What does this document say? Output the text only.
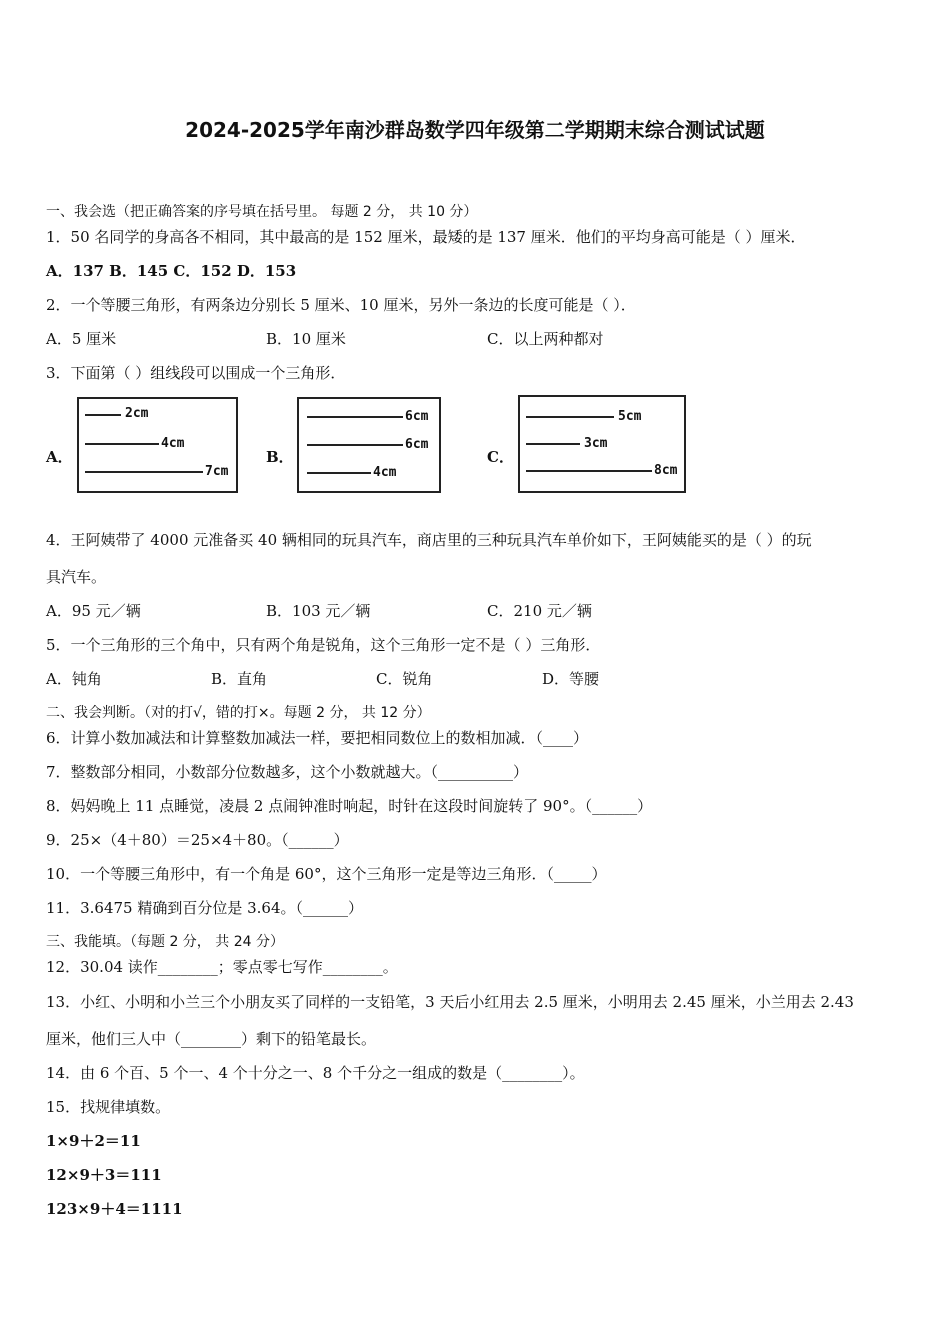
2024-2025学年南沙群岛数学四年级第二学期期末综合测试试题
一、我会选（把正确答案的序号填在括号里。 每题 2 分， 共 10 分）
1．50 名同学的身高各不相同，其中最高的是 152 厘米，最矮的是 137 厘米．他们的平均身高可能是（ ）厘米．
A．137 B．145 C．152 D．153
2．一个等腰三角形，有两条边分别长 5 厘米、10 厘米，另外一条边的长度可能是（ ）．
A．5 厘米	B．10 厘米	C．以上两种都对
3．下面第（ ）组线段可以围成一个三角形．
A．
2cm
4cm
7cm
B．
6cm
6cm
4cm
C．
5cm
3cm
8cm
4．王阿姨带了 4000 元准备买 40 辆相同的玩具汽车，商店里的三种玩具汽车单价如下，王阿姨能买的是（ ）的玩
具汽车。
A．95 元／辆	B．103 元／辆	C．210 元／辆
5．一个三角形的三个角中，只有两个角是锐角，这个三角形一定不是（ ）三角形．
A．钝角	B．直角	C．锐角	D．等腰
二、我会判断。（对的打√，错的打×。每题 2 分， 共 12 分）
6．计算小数加减法和计算整数加减法一样，要把相同数位上的数相加减．（____）
7．整数部分相同，小数部分位数越多，这个小数就越大。（__________）
8．妈妈晚上 11 点睡觉，凌晨 2 点闹钟准时响起，时针在这段时间旋转了 90°。（______）
9．25×（4＋80）＝25×4＋80。（______）
10．一个等腰三角形中，有一个角是 60°，这个三角形一定是等边三角形．（_____）
11．3.6475 精确到百分位是 3.64。（______）
三、我能填。（每题 2 分， 共 24 分）
12．30.04 读作________；零点零七写作________。
13．小红、小明和小兰三个小朋友买了同样的一支铅笔，3 天后小红用去 2.5 厘米，小明用去 2.45 厘米，小兰用去 2.43
厘米，他们三人中（________）剩下的铅笔最长。
14．由 6 个百、5 个一、4 个十分之一、8 个千分之一组成的数是（________）。
15．找规律填数。
1×9＋2＝11
12×9＋3＝111
123×9＋4＝1111
